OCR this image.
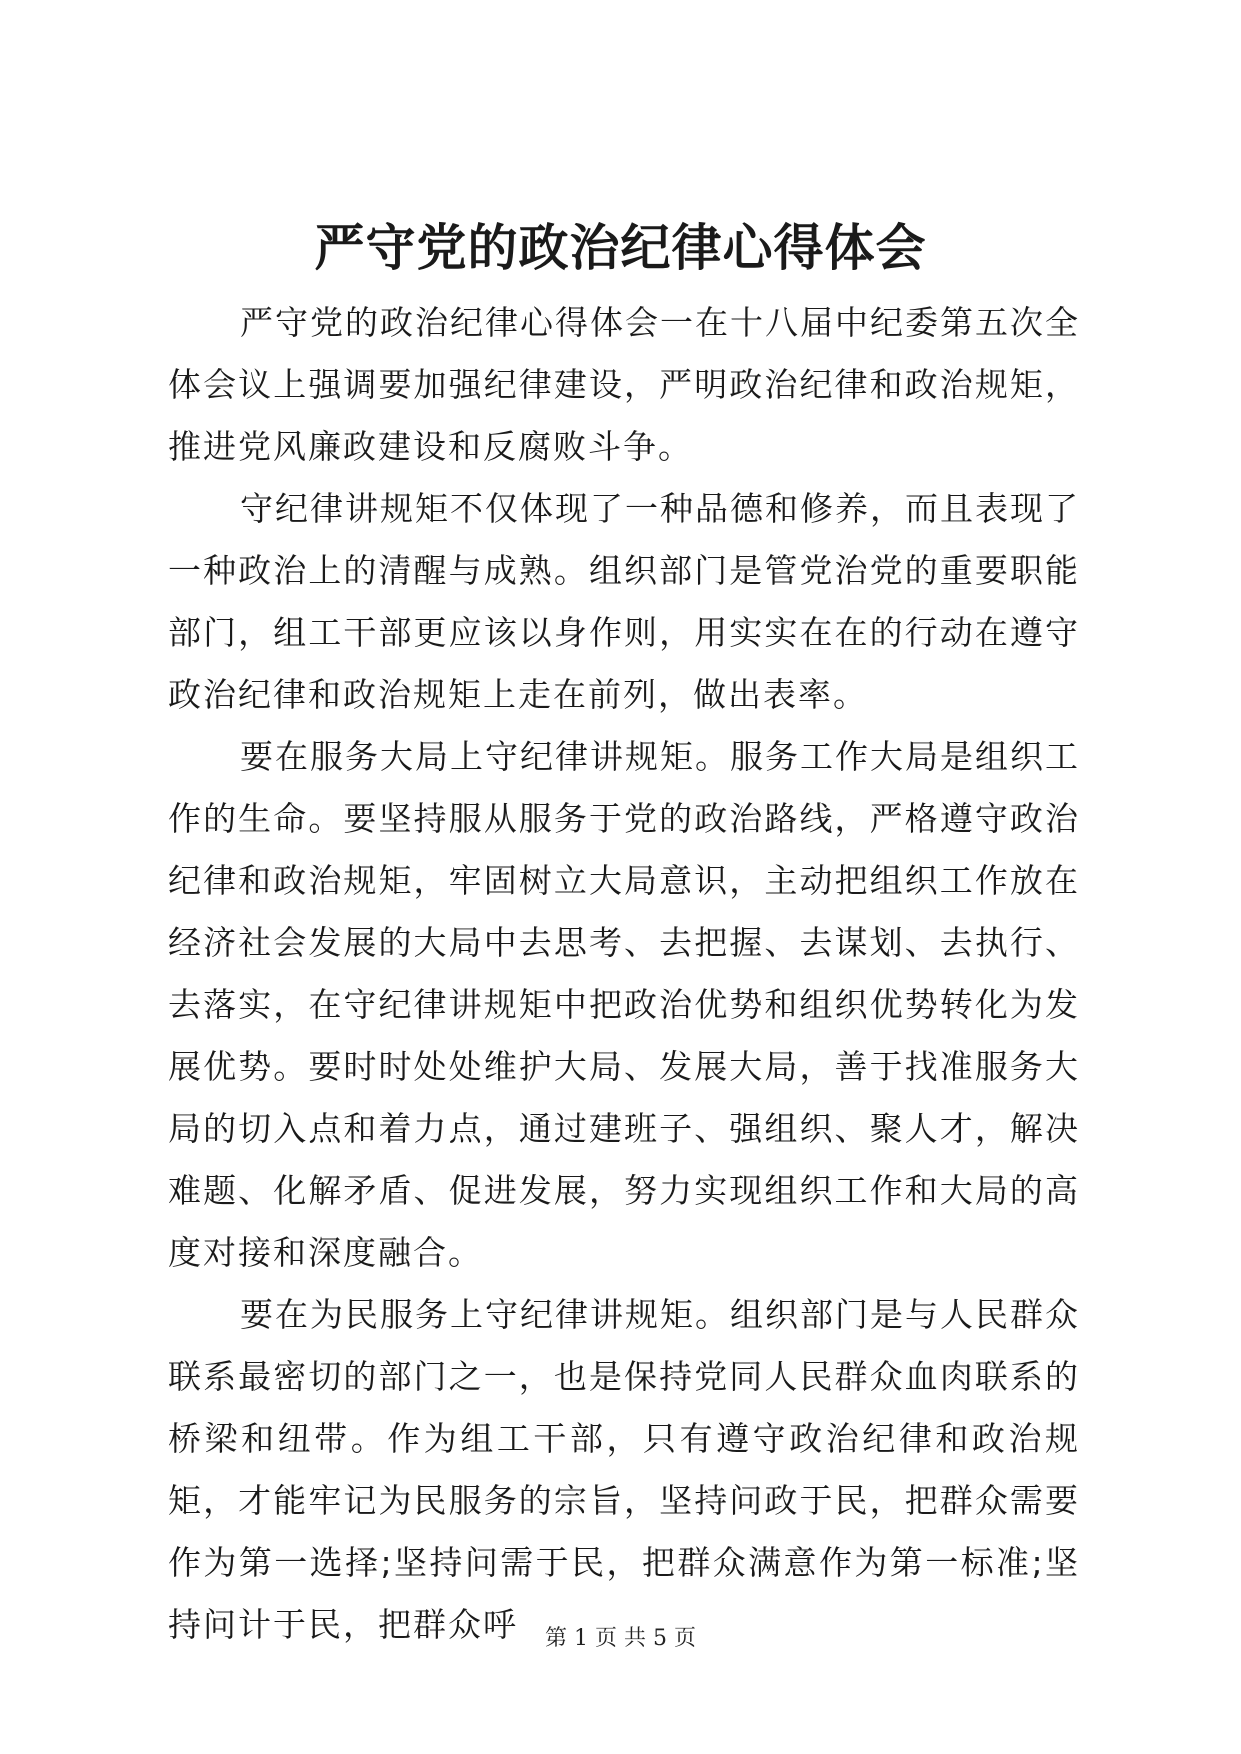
严守党的政治纪律心得体会

严守党的政治纪律心得体会一在十八届中纪委第五次全体会议上强调要加强纪律建设，严明政治纪律和政治规矩，推进党风廉政建设和反腐败斗争。

守纪律讲规矩不仅体现了一种品德和修养，而且表现了一种政治上的清醒与成熟。组织部门是管党治党的重要职能部门，组工干部更应该以身作则，用实实在在的行动在遵守政治纪律和政治规矩上走在前列，做出表率。

要在服务大局上守纪律讲规矩。服务工作大局是组织工作的生命。要坚持服从服务于党的政治路线，严格遵守政治纪律和政治规矩，牢固树立大局意识，主动把组织工作放在经济社会发展的大局中去思考、去把握、去谋划、去执行、去落实，在守纪律讲规矩中把政治优势和组织优势转化为发展优势。要时时处处维护大局、发展大局，善于找准服务大局的切入点和着力点，通过建班子、强组织、聚人才，解决难题、化解矛盾、促进发展，努力实现组织工作和大局的高度对接和深度融合。

要在为民服务上守纪律讲规矩。组织部门是与人民群众联系最密切的部门之一，也是保持党同人民群众血肉联系的桥梁和纽带。作为组工干部，只有遵守政治纪律和政治规矩，才能牢记为民服务的宗旨，坚持问政于民，把群众需要作为第一选择;坚持问需于民，把群众满意作为第一标准;坚持问计于民，把群众呼	第 1 页 共 5 页
